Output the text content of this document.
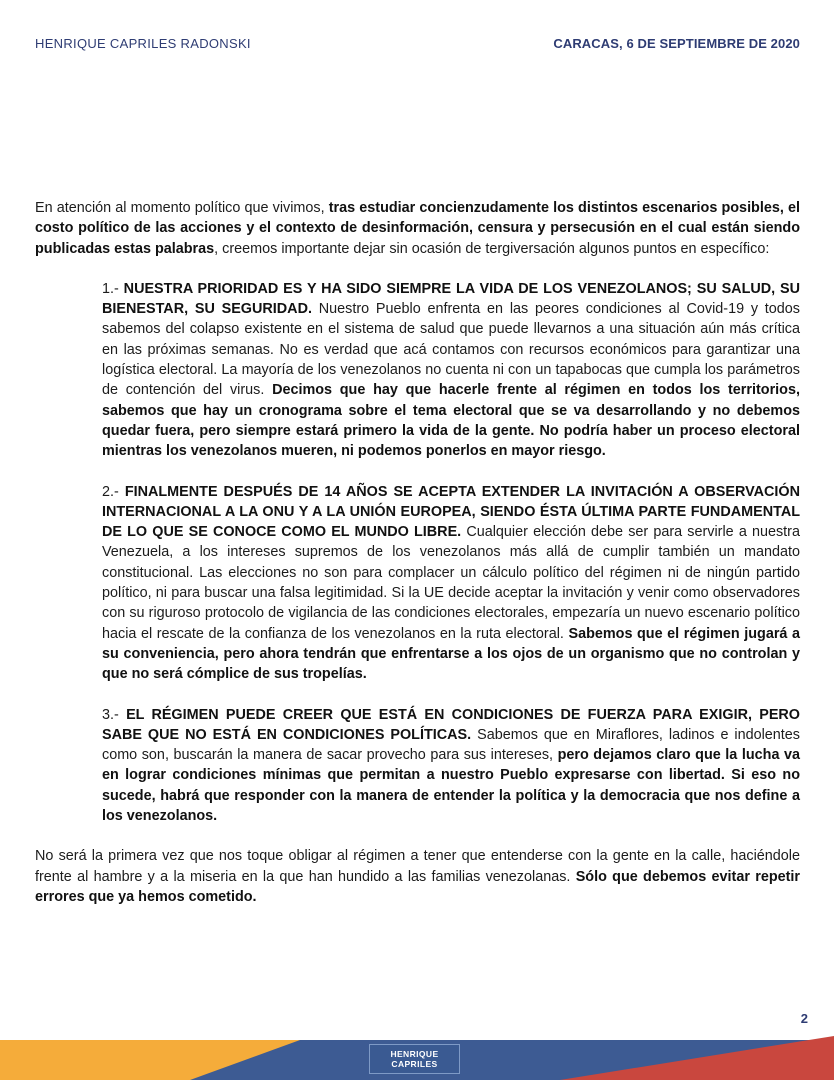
HENRIQUE CAPRILES RADONSKI	CARACAS, 6 DE SEPTIEMBRE DE 2020

En atención al momento político que vivimos, tras estudiar concienzudamente los distintos escenarios posibles, el costo político de las acciones y el contexto de desinformación, censura y persecusión en el cual están siendo publicadas estas palabras, creemos importante dejar sin ocasión de tergiversación algunos puntos en específico:

1.- NUESTRA PRIORIDAD ES Y HA SIDO SIEMPRE LA VIDA DE LOS VENEZOLANOS; SU SALUD, SU BIENESTAR, SU SEGURIDAD. Nuestro Pueblo enfrenta en las peores condiciones al Covid-19 y todos sabemos del colapso existente en el sistema de salud que puede llevarnos a una situación aún más crítica en las próximas semanas. No es verdad que acá contamos con recursos económicos para garantizar una logística electoral. La mayoría de los venezolanos no cuenta ni con un tapabocas que cumpla los parámetros de contención del virus. Decimos que hay que hacerle frente al régimen en todos los territorios, sabemos que hay un cronograma sobre el tema electoral que se va desarrollando y no debemos quedar fuera, pero siempre estará primero la vida de la gente. No podría haber un proceso electoral mientras los venezolanos mueren, ni podemos ponerlos en mayor riesgo.

2.- FINALMENTE DESPUÉS DE 14 AÑOS SE ACEPTA EXTENDER LA INVITACIÓN A OBSERVACIÓN INTERNACIONAL A LA ONU Y A LA UNIÓN EUROPEA, SIENDO ÉSTA ÚLTIMA PARTE FUNDAMENTAL DE LO QUE SE CONOCE COMO EL MUNDO LIBRE. Cualquier elección debe ser para servirle a nuestra Venezuela, a los intereses supremos de los venezolanos más allá de cumplir también un mandato constitucional. Las elecciones no son para complacer un cálculo político del régimen ni de ningún partido político, ni para buscar una falsa legitimidad. Si la UE decide aceptar la invitación y venir como observadores con su riguroso protocolo de vigilancia de las condiciones electorales, empezaría un nuevo escenario político hacia el rescate de la confianza de los venezolanos en la ruta electoral. Sabemos que el régimen jugará a su conveniencia, pero ahora tendrán que enfrentarse a los ojos de un organismo que no controlan y que no será cómplice de sus tropelías.

3.- EL RÉGIMEN PUEDE CREER QUE ESTÁ EN CONDICIONES DE FUERZA PARA EXIGIR, PERO SABE QUE NO ESTÁ EN CONDICIONES POLÍTICAS. Sabemos que en Miraflores, ladinos e indolentes como son, buscarán la manera de sacar provecho para sus intereses, pero dejamos claro que la lucha va en lograr condiciones mínimas que permitan a nuestro Pueblo expresarse con libertad. Si eso no sucede, habrá que responder con la manera de entender la política y la democracia que nos define a los venezolanos.

No será la primera vez que nos toque obligar al régimen a tener que entenderse con la gente en la calle, haciéndole frente al hambre y a la miseria en la que han hundido a las familias venezolanas. Sólo que debemos evitar repetir errores que ya hemos cometido.

2
HENRIQUE
CAPRILES
